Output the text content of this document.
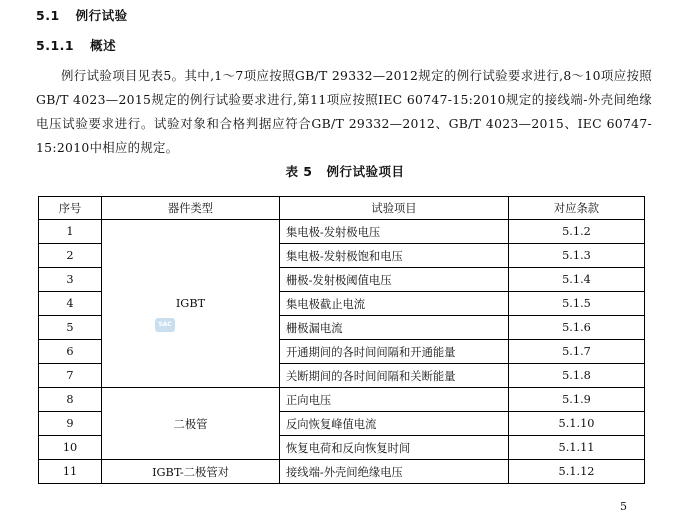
5.1 例行试验
5.1.1 概述
例行试验项目见表5。其中,1～7项应按照GB/T 29332—2012规定的例行试验要求进行,8～10项应按照GB/T 4023—2015规定的例行试验要求进行,第11项应按照IEC 60747-15:2010规定的接线端-外壳间绝缘电压试验要求进行。试验对象和合格判据应符合GB/T 29332—2012、GB/T 4023—2015、IEC 60747-15:2010中相应的规定。
表 5 例行试验项目
序号	器件类型	试验项目	对应条款
1	IGBT	集电极-发射极电压	5.1.2
2		集电极-发射极饱和电压	5.1.3
3		栅极-发射极阈值电压	5.1.4
4		集电极截止电流	5.1.5
5		栅极漏电流	5.1.6
6		开通期间的各时间间隔和开通能量	5.1.7
7		关断期间的各时间间隔和关断能量	5.1.8
8	二极管	正向电压	5.1.9
9		反向恢复峰值电流	5.1.10
10		恢复电荷和反向恢复时间	5.1.11
11	IGBT-二极管对	接线端-外壳间绝缘电压	5.1.12
SAC
5
